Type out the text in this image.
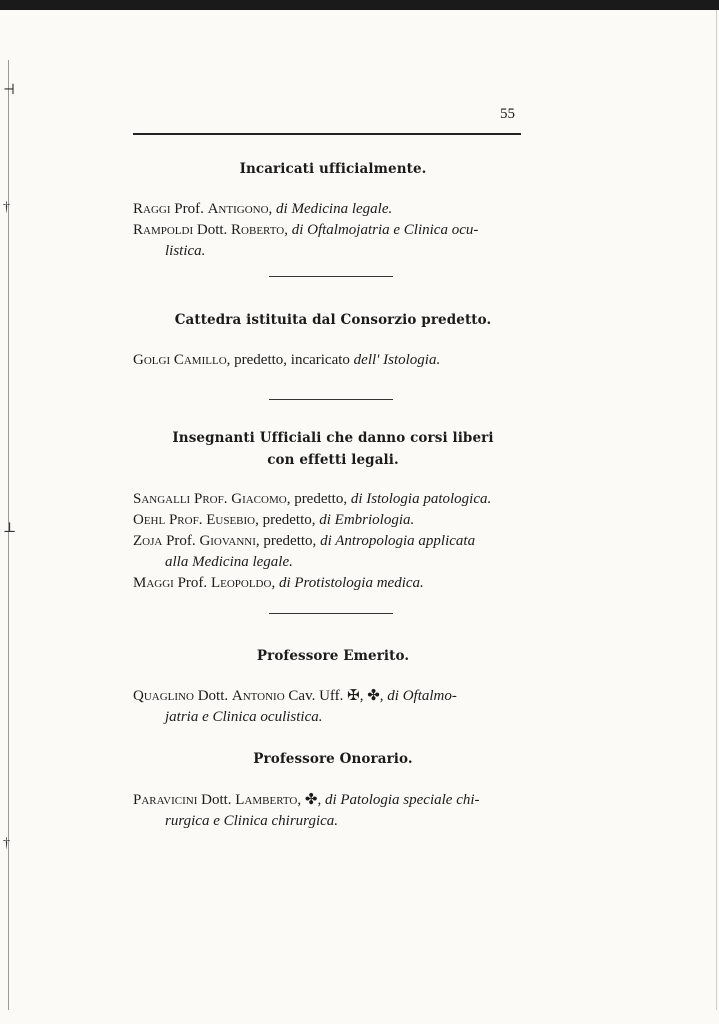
⊣
†
⊥
†
55
Incaricati ufficialmente.
Raggi Prof. Antigono, di Medicina legale.
Rampoldi Dott. Roberto, di Oftalmojatria e Clinica ocu-
listica.
Cattedra istituita dal Consorzio predetto.
Golgi Camillo, predetto, incaricato dell' Istologia.
Insegnanti Ufficiali che danno corsi liberi
con effetti legali.
Sangalli Prof. Giacomo, predetto, di Istologia patologica.
Oehl Prof. Eusebio, predetto, di Embriologia.
Zoja Prof. Giovanni, predetto, di Antropologia applicata
alla Medicina legale.
Maggi Prof. Leopoldo, di Protistologia medica.
Professore Emerito.
Quaglino Dott. Antonio Cav. Uff. ✠, ✤, di Oftalmo-
jatria e Clinica oculistica.
Professore Onorario.
Paravicini Dott. Lamberto, ✤, di Patologia speciale chi-
rurgica e Clinica chirurgica.
